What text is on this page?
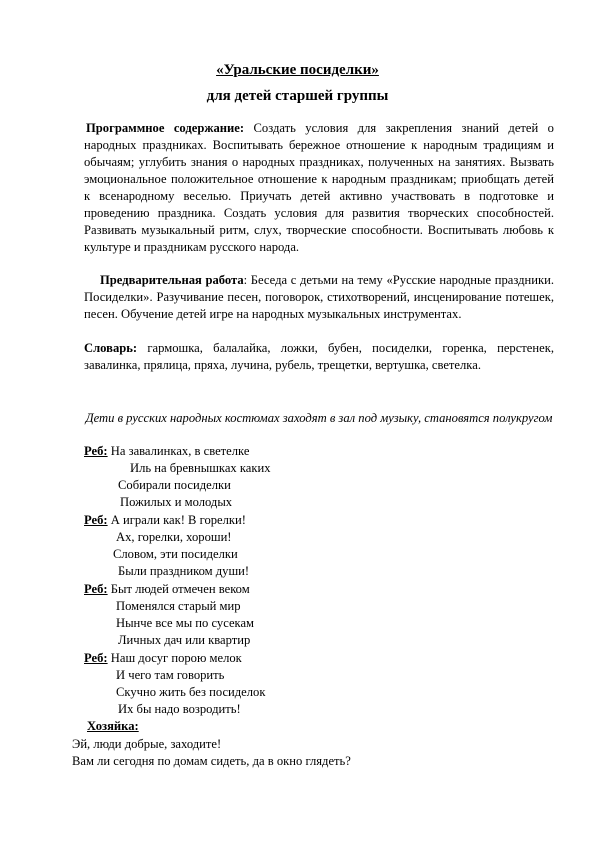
«Уральские посиделки»
для детей старшей группы

Программное содержание: Создать условия для закрепления знаний детей о народных праздниках. Воспитывать бережное отношение к народным традициям и обычаям; углубить знания о народных праздниках, полученных на занятиях. Вызвать эмоциональное положительное отношение к народным праздникам; приобщать детей к всенародному веселью. Приучать детей активно участвовать в подготовке и проведению праздника. Создать условия для развития творческих способностей. Развивать музыкальный ритм, слух, творческие способности. Воспитывать любовь к культуре и праздникам русского народа.

Предварительная работа: Беседа с детьми на тему «Русские народные праздники. Посиделки». Разучивание песен, поговорок, стихотворений, инсценирование потешек, песен. Обучение детей игре на народных музыкальных инструментах.

Словарь: гармошка, балалайка, ложки, бубен, посиделки, горенка, перстенек, завалинка, прялица, пряха, лучина, рубель, трещетки, вертушка, светелка.

Дети в русских народных костюмах заходят в зал под музыку, становятся полукругом

Реб: На завалинках, в светелке
Иль на бревнышках каких
Собирали посиделки
Пожилых и молодых
Реб: А играли как! В горелки!
Ах, горелки, хороши!
Словом, эти посиделки
Были праздником души!
Реб: Быт людей отмечен веком
Поменялся старый мир
Нынче все мы по сусекам
Личных дач или квартир
Реб: Наш досуг порою мелок
И чего там говорить
Скучно жить без посиделок
Их бы надо возродить!
Хозяйка:
Эй, люди добрые, заходите!
Вам ли сегодня по домам сидеть, да в окно глядеть?
